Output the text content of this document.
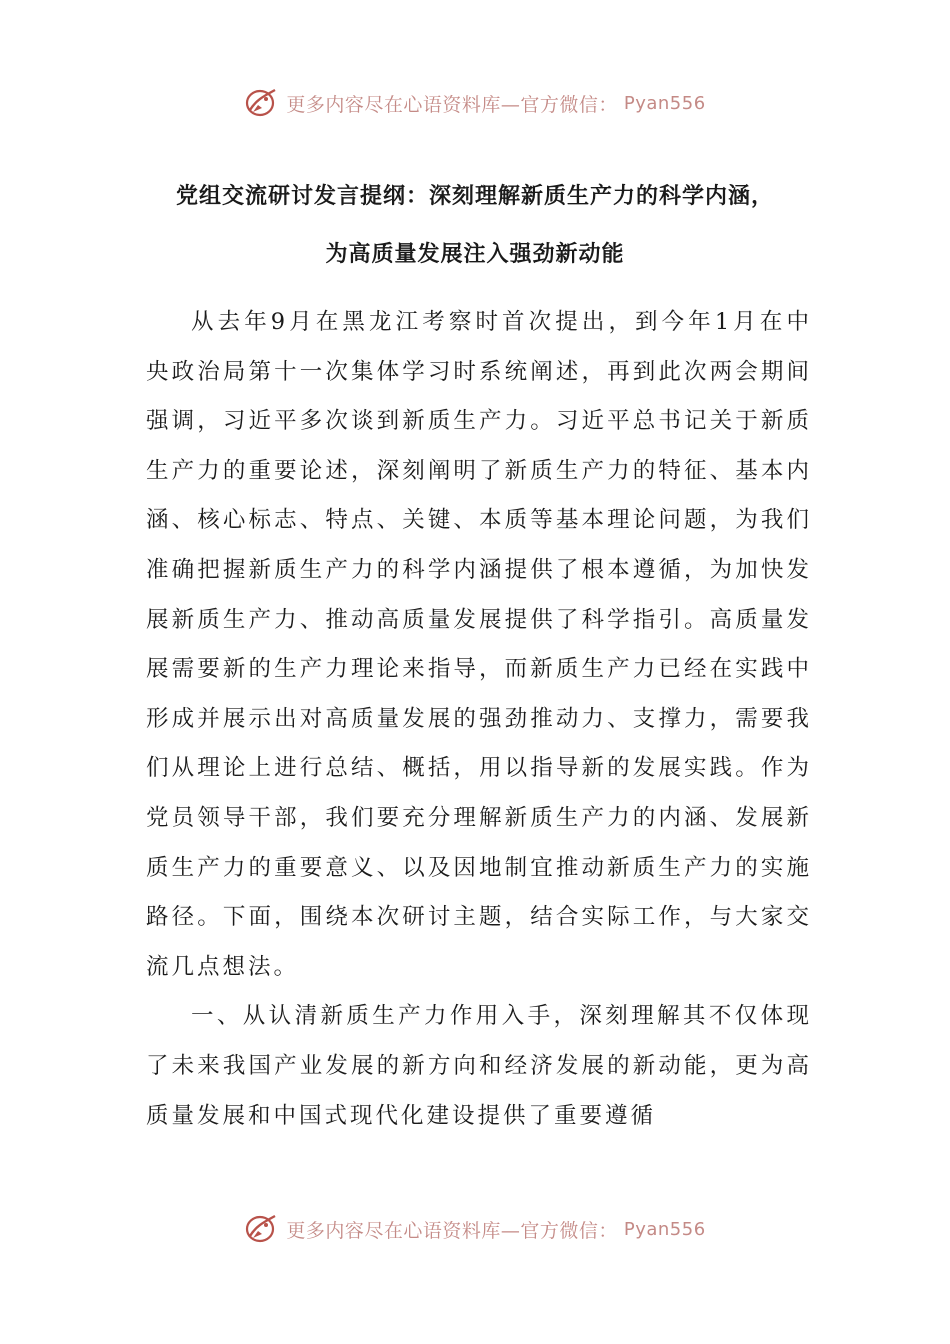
更多内容尽在心语资料库—官方微信： Pyan556
党组交流研讨发言提纲：深刻理解新质生产力的科学内涵，
为高质量发展注入强劲新动能

从去年9月在黑龙江考察时首次提出，到今年1月在中央政治局第十一次集体学习时系统阐述，再到此次两会期间强调，习近平多次谈到新质生产力。习近平总书记关于新质生产力的重要论述，深刻阐明了新质生产力的特征、基本内涵、核心标志、特点、关键、本质等基本理论问题，为我们准确把握新质生产力的科学内涵提供了根本遵循，为加快发展新质生产力、推动高质量发展提供了科学指引。高质量发展需要新的生产力理论来指导，而新质生产力已经在实践中形成并展示出对高质量发展的强劲推动力、支撑力，需要我们从理论上进行总结、概括，用以指导新的发展实践。作为党员领导干部，我们要充分理解新质生产力的内涵、发展新质生产力的重要意义、以及因地制宜推动新质生产力的实施路径。下面，围绕本次研讨主题，结合实际工作，与大家交流几点想法。

一、从认清新质生产力作用入手，深刻理解其不仅体现了未来我国产业发展的新方向和经济发展的新动能，更为高质量发展和中国式现代化建设提供了重要遵循

更多内容尽在心语资料库—官方微信： Pyan556
